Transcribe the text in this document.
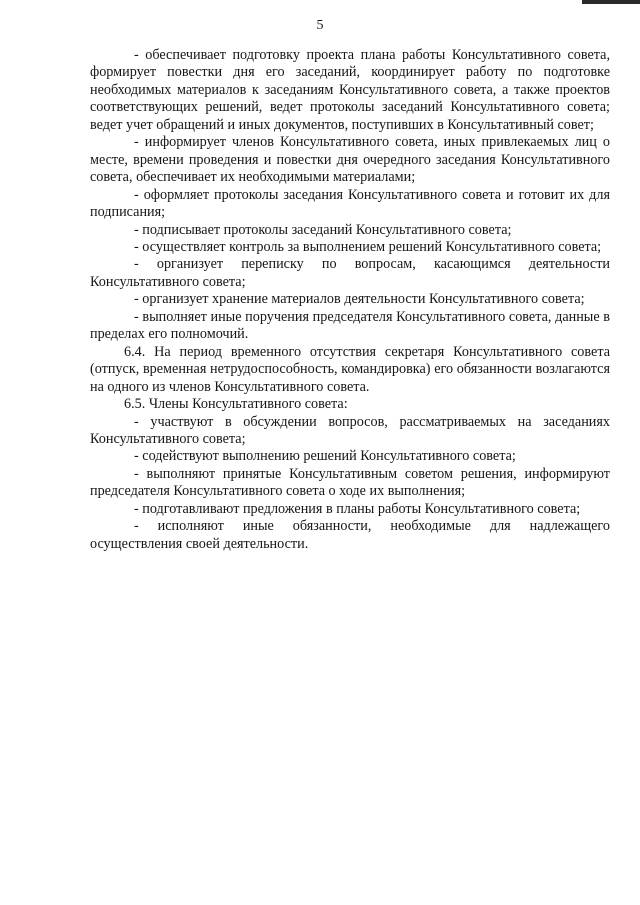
5

- обеспечивает подготовку проекта плана работы Консультативного совета, формирует повестки дня его заседаний, координирует работу по подготовке необходимых материалов к заседаниям Консультативного совета, а также проектов соответствующих решений, ведет протоколы заседаний Консультативного совета; ведет учет обращений и иных документов, поступивших в Консультативный совет;

- информирует членов Консультативного совета, иных привлекаемых лиц о месте, времени проведения и повестки дня очередного заседания Консультативного совета, обеспечивает их необходимыми материалами;

- оформляет протоколы заседания Консультативного совета и готовит их для подписания;

- подписывает протоколы заседаний Консультативного совета;

- осуществляет контроль за выполнением решений Консультативного совета;

- организует переписку по вопросам, касающимся деятельности Консультативного совета;

- организует хранение материалов деятельности Консультативного совета;

- выполняет иные поручения председателя Консультативного совета, данные в пределах его полномочий.

6.4. На период временного отсутствия секретаря Консультативного совета (отпуск, временная нетрудоспособность, командировка) его обязанности возлагаются на одного из членов Консультативного совета.

6.5. Члены Консультативного совета:

- участвуют в обсуждении вопросов, рассматриваемых на заседаниях Консультативного совета;

- содействуют выполнению решений Консультативного совета;

- выполняют принятые Консультативным советом решения, информируют председателя Консультативного совета о ходе их выполнения;

- подготавливают предложения в планы работы Консультативного совета;

- исполняют иные обязанности, необходимые для надлежащего осуществления своей деятельности.
